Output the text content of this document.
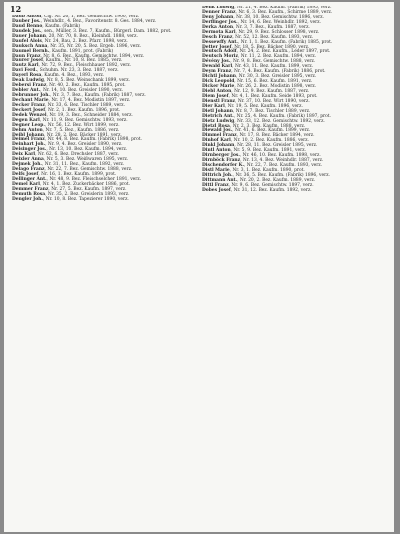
12
Daub Anton, Cig. Nr. 26, 1, Bez. Gemischtw. 1900, verz.
Dauber Jos., Weinhdlr., 4. Bez., Favoritenstr. 8. Ges. 1884, verz.
Daud Benno, Kaufm. (Fabrik)
Daudek Jos., sen., Müller, 3. Bez. 7, Kaufm., Bürgerl. Dam. 1882, prot.
Dauer Johann, 20, Nr. 70, 8. Bez., Kleinhdl. 1888, verz.
Daufel Alois, Nr. 24, Bau, 2. Bez. Pfarr. 1898, verz.
Dauksch Anna, Nr. 35, Nr. 20, 5. Bez. Ergeb. 1896, verz.
Daumel Bernh., Kaufm. 1891, prot. (Fabrik)
Daun Franz, Nr. 8, 6. Bez., Kaufm. Gemischtw. 1894, verz.
Daurer Josef, Kaufm., Nr. 10, 8. Bez. 1885, verz.
Dautz Karl, Nr. 72, 9. Bez., Fleischhauer 1892, verz.
Davi Ferd., Schuhm. Nr. 23, 3. Bez. 1887, verz.
Dayerl Rosa, Kaufm. 4. Bez., 1893, verz.
Deak Ludwig, Nr. 8, 5. Bez. Weinschank 1899, verz.
Debersi Franz, Nr. 40, 2. Bez., Kaufm. 1895, prot.
Debler Ant., Nr. 14, 10. Bez. Greisler 1890, verz.
Debrunner Joh., Nr. 3, 7. Bez., Kaufm. (Fabrik) 1887, verz.
Dechant Marie, Nr. 17, 4. Bez. Modistin 1897, verz.
Decker Franz, Nr. 33, 6. Bez. Tischler 1889, verz.
Deckert Josef, Nr. 2, 1. Bez. Kaufm. 1896, prot.
Dedek Wenzel, Nr. 19, 3. Bez., Schneider 1884, verz.
Degen Karl, Nr. 11, 9. Bez. Gemischtw. 1893, verz.
Degner Leop., Nr. 56, 12. Bez. Wirt 1899, verz.
Dehm Anton, Nr. 7, 5. Bez., Kaufm. 1886, verz.
Deibl Johann, Nr. 28, 2. Bez. Bäcker 1891, verz.
Deimel Franz, Nr. 44, 8. Bez. Kaufm. (Fabrik) 1898, prot.
Deinhart Joh., Nr. 9, 4. Bez. Greisler 1890, verz.
Deisinger Jos., Nr. 13, 10. Bez. Kaufm. 1894, verz.
Deix Karl, Nr. 62, 6. Bez. Drechsler 1887, verz.
Deixler Anna, Nr. 5, 3. Bez. Weißwaren 1895, verz.
Dejmek Joh., Nr. 31, 11. Bez., Kaufm. 1892, verz.
Delago Franz, Nr. 22, 7. Bez. Gemischtw. 1888, verz.
Delfs Josef, Nr. 16, 1. Bez. Kaufm. 1899, prot.
Dellinger Ant., Nr. 48, 9. Bez. Fleischselcher 1891, verz.
Demel Karl, Nr. 4, 1. Bez. Zuckerbäcker 1886, prot.
Demmer Franz, Nr. 27, 5. Bez. Kaufm. 1897, verz.
Demuth Rosa, Nr. 35, 2. Bez. Greislerin 1893, verz.
Dengler Joh., Nr. 10, 8. Bez. Tapezierer 1890, verz.
Denk Ludwig, Nr. 21, 4. Bez. Kaufm. (Fabrik) 1895, verz.
Denner Franz, Nr. 6, 3. Bez. Kaufm., Schirme 1889, verz.
Deny Johann, Nr. 38, 10. Bez. Gemischtw. 1896, verz.
Derflinger Jos., Nr. 14, 6. Bez. Weinhdlr. 1892, verz.
Derka Anton, Nr. 3, 7. Bez., Kaufm. 1887, verz.
Dermota Karl, Nr. 29, 9. Bez. Schlosser 1898, verz.
Desch Franz, Nr. 52, 12. Bez. Kaufm. 1893, verz.
Dessewffy Ant., Nr. 1, 1. Bez. Kaufm. (Fabrik) 1885, prot.
Detter Josef, Nr. 18, 5. Bez. Bäcker 1890, verz.
Deutsch Adolf, Nr. 24, 2. Bez. Kaufm., Leder 1897, prot.
Deutsch Moriz, Nr. 11, 2. Bez. Kaufm. 1894, verz.
Dévény Jos., Nr. 9, 8. Bez. Gemischtw. 1888, verz.
Dewald Karl, Nr. 43, 11. Bez. Kaufm. 1899, verz.
Deym Franz, Nr. 7, 4. Bez. Kaufm. (Fabrik) 1886, prot.
Dichtl Johann, Nr. 30, 3. Bez. Greisler 1895, verz.
Dick Leopold, Nr. 15, 6. Bez. Kaufm. 1891, verz.
Dicker Marie, Nr. 26, 2. Bez. Modistin 1898, verz.
Diebl Anton, Nr. 12, 9. Bez. Kaufm. 1887, verz.
Diem Josef, Nr. 4, 1. Bez. Kaufm. Seide 1893, prot.
Dienstl Franz, Nr. 37, 10. Bez. Wirt 1890, verz.
Dier Karl, Nr. 19, 5. Bez. Kaufm. 1896, verz.
Dietl Johann, Nr. 8, 7. Bez. Tischler 1889, verz.
Dietrich Ant., Nr. 25, 4. Bez. Kaufm. (Fabrik) 1897, prot.
Dietz Ludwig, Nr. 33, 12. Bez. Gemischtw. 1892, verz.
Dietzl Rosa, Nr. 2, 3. Bez. Kaufm. 1888, verz.
Diewald Jos., Nr. 41, 6. Bez. Kaufm. 1899, verz.
Dimmel Franz, Nr. 17, 8. Bez. Bäcker 1894, verz.
Dinhof Karl, Nr. 10, 2. Bez. Kaufm. 1886, verz.
Dinkl Johann, Nr. 28, 11. Bez. Greisler 1895, verz.
Dintl Anton, Nr. 5, 9. Bez. Kaufm. 1891, verz.
Dirnberger Jos., Nr. 46, 10. Bez. Kaufm. 1898, verz.
Dirnböck Franz, Nr. 13, 4. Bez. Weinhdlr. 1887, verz.
Dischendorfer K., Nr. 22, 7. Bez. Kaufm. 1893, verz.
Distl Marie, Nr. 3, 1. Bez. Kaufm. 1890, prot.
Dittrich Joh., Nr. 36, 5. Bez. Kaufm. (Fabrik) 1896, verz.
Dittmann Ant., Nr. 20, 2. Bez. Kaufm. 1889, verz.
Dittl Franz, Nr. 9, 6. Bez. Gemischtw. 1897, verz.
Dobes Josef, Nr. 31, 12. Bez. Kaufm. 1892, verz.
